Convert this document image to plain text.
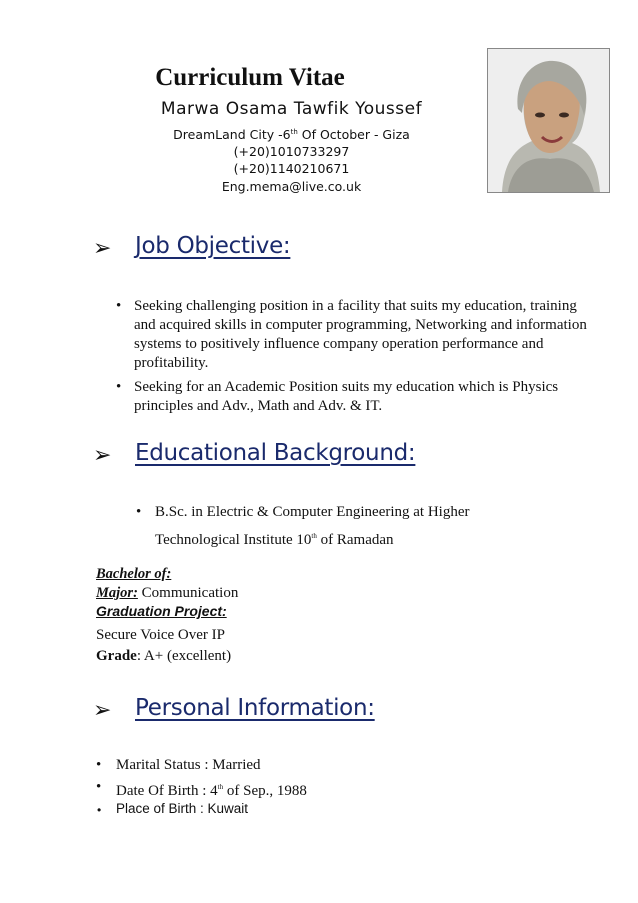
Curriculum Vitae
Marwa Osama Tawfik Youssef
DreamLand City -6th Of October - Giza
(+20)1010733297
(+20)1140210671
Eng.mema@live.co.uk
➢ Job Objective:
• Seeking challenging position in a facility that suits my education, training and acquired skills in computer programming, Networking and information systems to positively influence company operation performance and profitability.
• Seeking for an Academic Position suits my education which is Physics principles and Adv., Math and Adv. & IT.
➢ Educational Background:
• B.Sc. in Electric & Computer Engineering at Higher
Technological Institute 10th of Ramadan
Bachelor of:
Major: Communication
Graduation Project:
Secure Voice Over IP
Grade: A+ (excellent)
➢ Personal Information:
• Marital Status : Married
• Date Of Birth : 4th of Sep., 1988
• Place of Birth : Kuwait
